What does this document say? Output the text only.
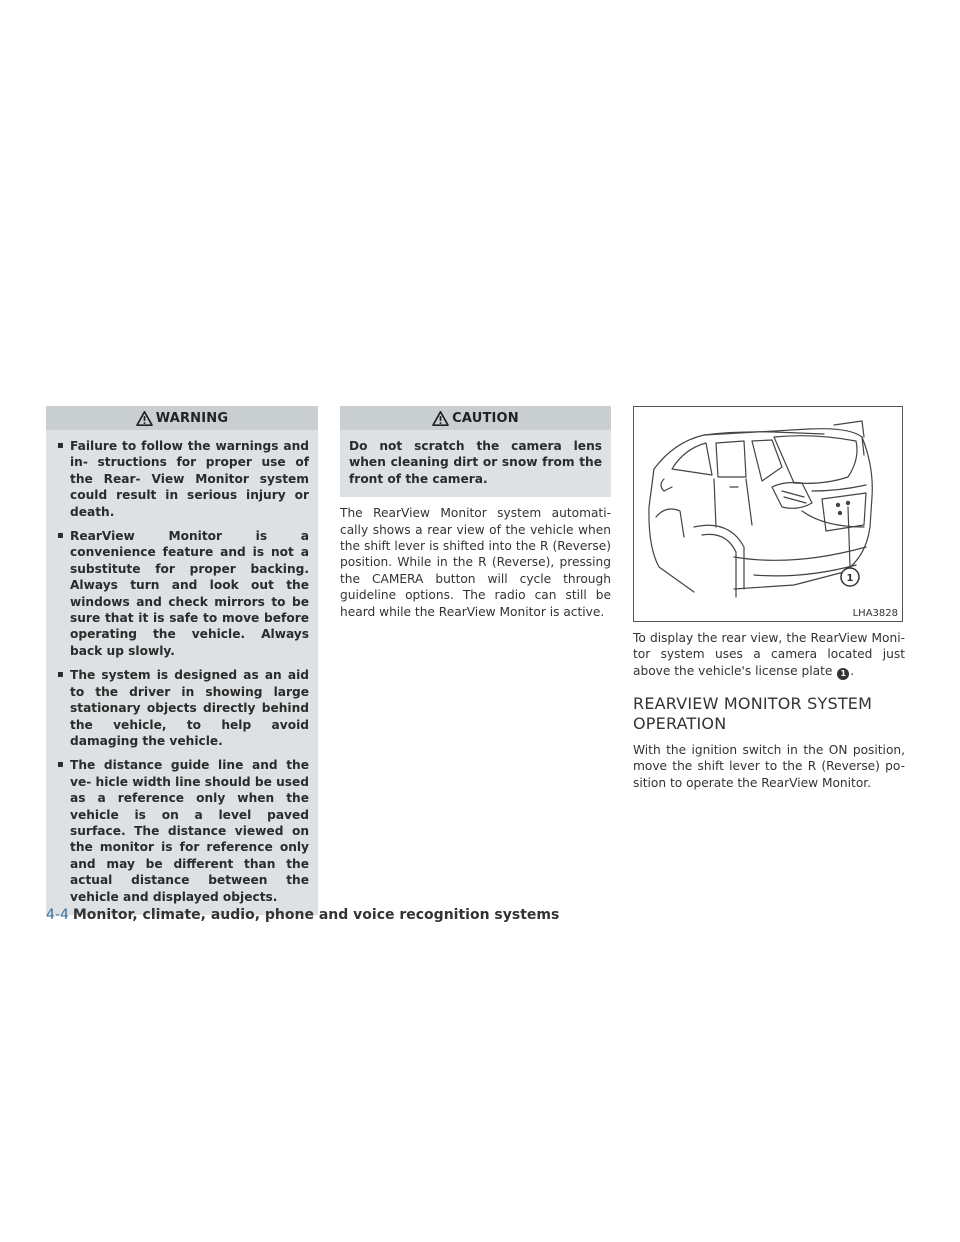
WARNING
▪ Failure to follow the warnings and in- structions for proper use of the Rear- View Monitor system could result in serious injury or death.
▪ RearView Monitor is a convenience feature and is not a substitute for proper backing. Always turn and look out the windows and check mirrors to be sure that it is safe to move before operating the vehicle. Always back up slowly.
▪ The system is designed as an aid to the driver in showing large stationary objects directly behind the vehicle, to help avoid damaging the vehicle.
▪ The distance guide line and the ve- hicle width line should be used as a reference only when the vehicle is on a level paved surface. The distance viewed on the monitor is for reference only and may be different than the actual distance between the vehicle and displayed objects.
CAUTION
Do not scratch the camera lens when cleaning dirt or snow from the front of the camera.

The RearView Monitor system automati- cally shows a rear view of the vehicle when the shift lever is shifted into the R (Reverse) position. While in the R (Reverse), pressing the CAMERA button will cycle through guideline options. The radio can still be heard while the RearView Monitor is active.

1
LHA3828

To display the rear view, the RearView Moni- tor system uses a camera located just above the vehicle's license plate 1 .

REARVIEW MONITOR SYSTEM
OPERATION

With the ignition switch in the ON position, move the shift lever to the R (Reverse) po- sition to operate the RearView Monitor.

4-4 Monitor, climate, audio, phone and voice recognition systems
